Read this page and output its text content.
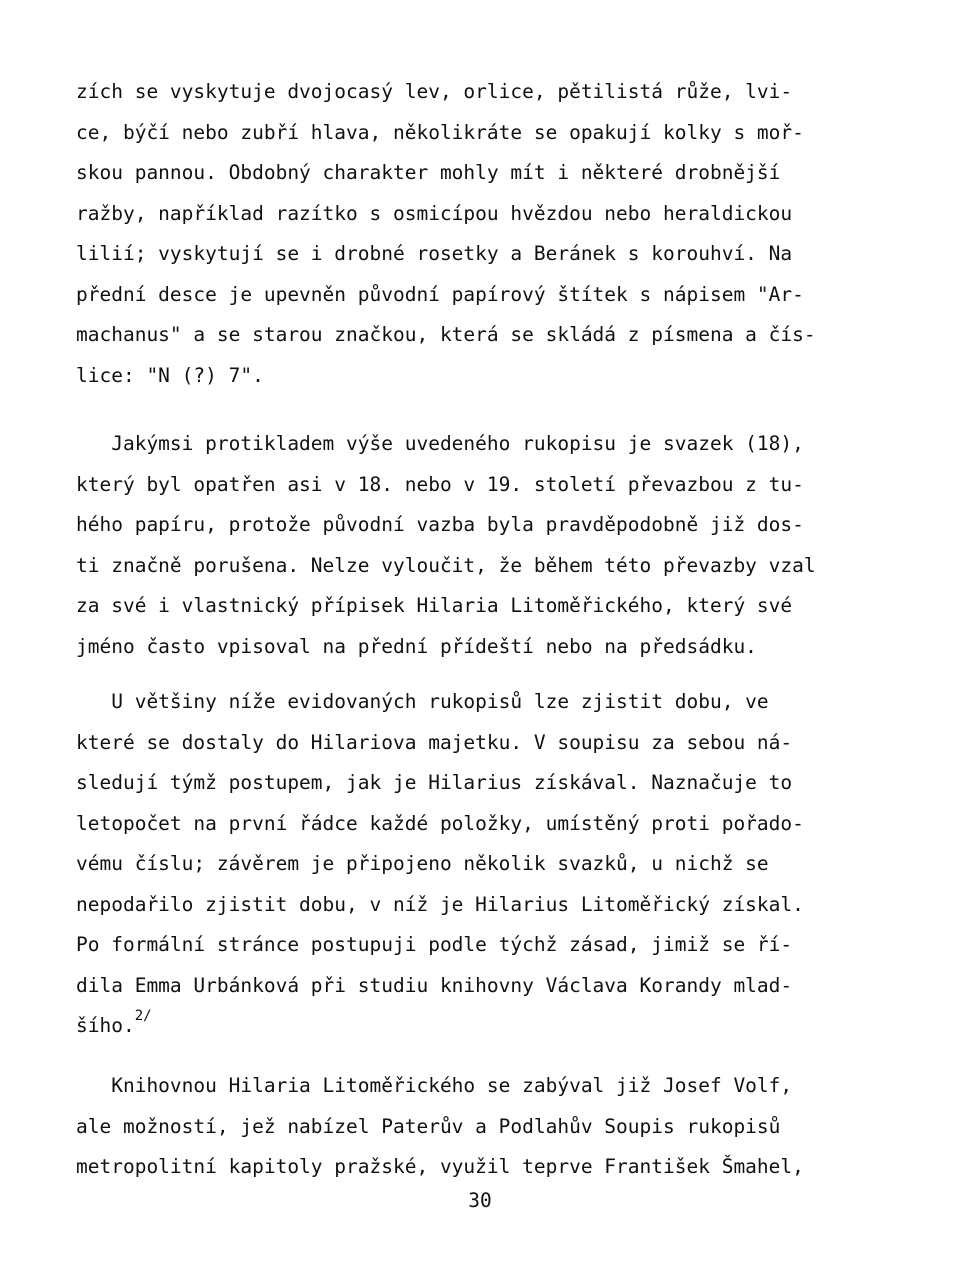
zích se vyskytuje dvojocasý lev, orlice, pětilistá růže, lvi-
ce, býčí nebo zubří hlava, několikráte se opakují kolky s moř-
skou pannou. Obdobný charakter mohly mít i některé drobnější
ražby, například razítko s osmicípou hvězdou nebo heraldickou
lilií; vyskytují se i drobné rosetky a Beránek s korouhví. Na
přední desce je upevněn původní papírový štítek s nápisem "Ar-
machanus" a se starou značkou, která se skládá z písmena a čís-
lice: "N (?) 7".
Jakýmsi protikladem výše uvedeného rukopisu je svazek (18),
který byl opatřen asi v 18. nebo v 19. století převazbou z tu-
hého papíru, protože původní vazba byla pravděpodobně již dos-
ti značně porušena. Nelze vyloučit, že během této převazby vzal
za své i vlastnický přípisek Hilaria Litoměřického, který své
jméno často vpisoval na přední přídeští nebo na předsádku.
U většiny níže evidovaných rukopisů lze zjistit dobu, ve
které se dostaly do Hilariova majetku. V soupisu za sebou ná-
sledují týmž postupem, jak je Hilarius získával. Naznačuje to
letopočet na první řádce každé položky, umístěný proti pořado-
vému číslu; závěrem je připojeno několik svazků, u nichž se
nepodařilo zjistit dobu, v níž je Hilarius Litoměřický získal.
Po formální stránce postupuji podle týchž zásad, jimiž se ří-
dila Emma Urbánková při studiu knihovny Václava Korandy mlad-
šího.$^{2/}$
Knihovnou Hilaria Litoměřického se zabýval již Josef Volf,
ale možností, jež nabízel Paterův a Podlahův Soupis rukopisů
metropolitní kapitoly pražské, využil teprve František Šmahel,
30
